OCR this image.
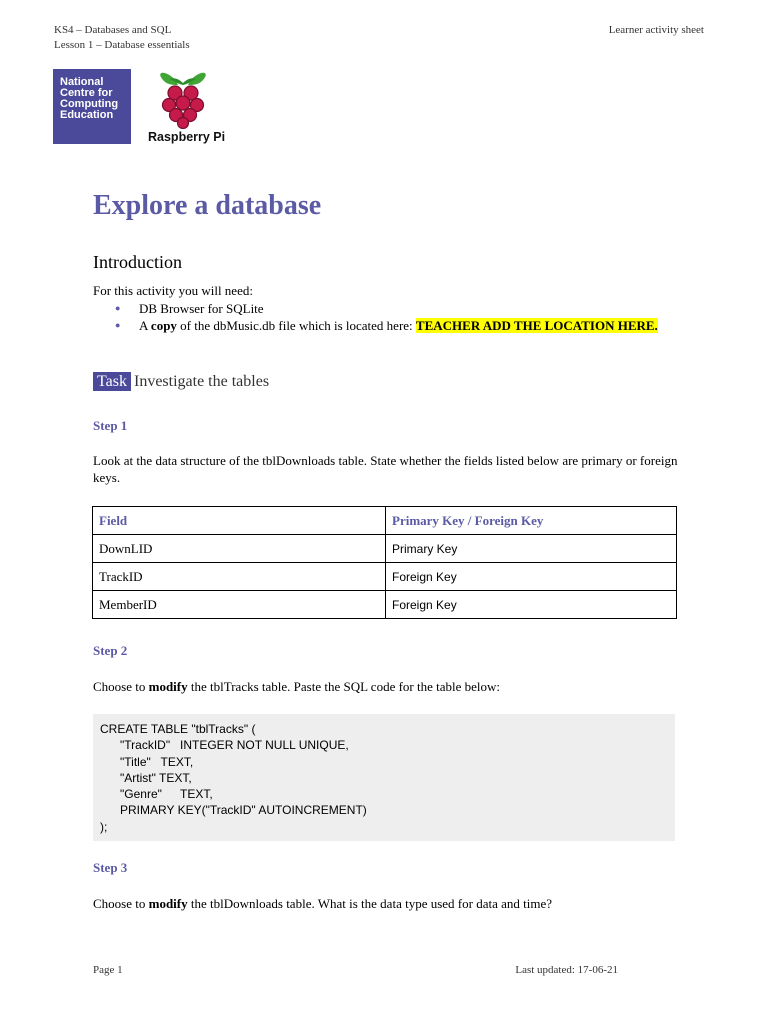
KS4 – Databases and SQL
Lesson 1 – Database essentials
Learner activity sheet
National
Centre for
Computing
Education
Raspberry Pi
Explore a database
Introduction
For this activity you will need:
● DB Browser for SQLite
● A copy of the dbMusic.db file which is located here: TEACHER ADD THE LOCATION HERE.
Task Investigate the tables
Step 1
Look at the data structure of the tblDownloads table. State whether the fields listed below are primary or foreign keys.
Field	Primary Key / Foreign Key
DownLID	Primary Key
TrackID	Foreign Key
MemberID	Foreign Key
Step 2
Choose to modify the tblTracks table. Paste the SQL code for the table below:
CREATE TABLE "tblTracks" (
	"TrackID"	INTEGER NOT NULL UNIQUE,
	"Title"   TEXT,
	"Artist" TEXT,
	"Genre"	TEXT,
	PRIMARY KEY("TrackID" AUTOINCREMENT)
);
Step 3
Choose to modify the tblDownloads table. What is the data type used for data and time?
Page 1	Last updated: 17-06-21
